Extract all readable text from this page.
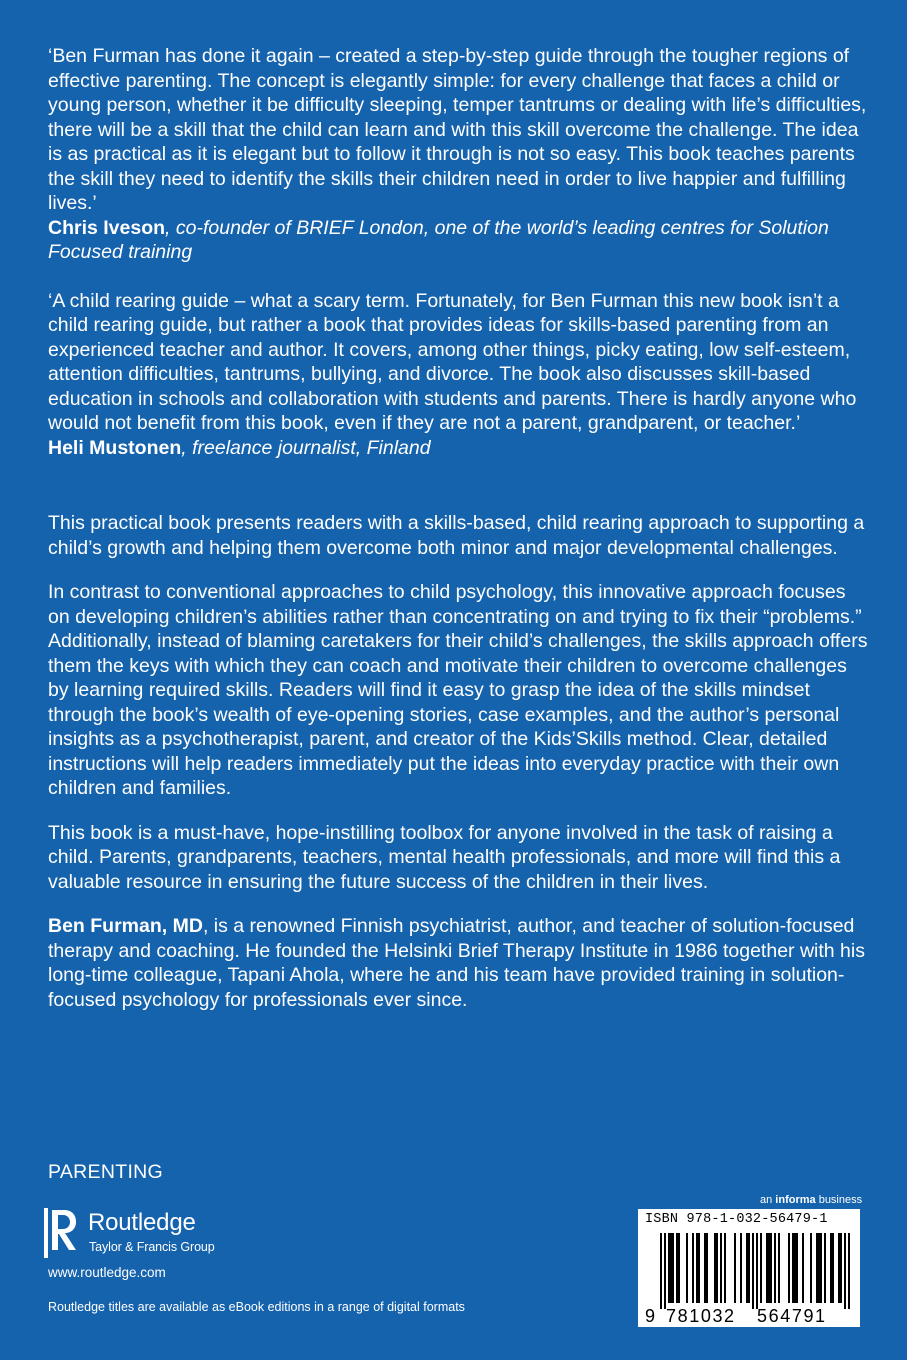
‘Ben Furman has done it again – created a step-by-step guide through the tougher regions of effective parenting. The concept is elegantly simple: for every challenge that faces a child or young person, whether it be difficulty sleeping, temper tantrums or dealing with life’s difficulties, there will be a skill that the child can learn and with this skill overcome the challenge. The idea is as practical as it is elegant but to follow it through is not so easy. This book teaches parents the skill they need to identify the skills their children need in order to live happier and fulfilling lives.’
Chris Iveson, co-founder of BRIEF London, one of the world’s leading centres for Solution Focused training

‘A child rearing guide – what a scary term. Fortunately, for Ben Furman this new book isn’t a child rearing guide, but rather a book that provides ideas for skills-based parenting from an experienced teacher and author. It covers, among other things, picky eating, low self-esteem, attention difficulties, tantrums, bullying, and divorce. The book also discusses skill-based education in schools and collaboration with students and parents. There is hardly anyone who would not benefit from this book, even if they are not a parent, grandparent, or teacher.’
Heli Mustonen, freelance journalist, Finland

This practical book presents readers with a skills-based, child rearing approach to supporting a child’s growth and helping them overcome both minor and major developmental challenges.

In contrast to conventional approaches to child psychology, this innovative approach focuses on developing children’s abilities rather than concentrating on and trying to fix their “problems.” Additionally, instead of blaming caretakers for their child’s challenges, the skills approach offers them the keys with which they can coach and motivate their children to overcome challenges by learning required skills. Readers will find it easy to grasp the idea of the skills mindset through the book’s wealth of eye-opening stories, case examples, and the author’s personal insights as a psychotherapist, parent, and creator of the Kids’Skills method. Clear, detailed instructions will help readers immediately put the ideas into everyday practice with their own children and families.

This book is a must-have, hope-instilling toolbox for anyone involved in the task of raising a child. Parents, grandparents, teachers, mental health professionals, and more will find this a valuable resource in ensuring the future success of the children in their lives.

Ben Furman, MD, is a renowned Finnish psychiatrist, author, and teacher of solution-focused therapy and coaching. He founded the Helsinki Brief Therapy Institute in 1986 together with his long-time colleague, Tapani Ahola, where he and his team have provided training in solution-focused psychology for professionals ever since.

PARENTING
Routledge
Taylor & Francis Group
www.routledge.com
Routledge titles are available as eBook editions in a range of digital formats
an informa business
ISBN 978-1-032-56479-1
9 781032 564791
